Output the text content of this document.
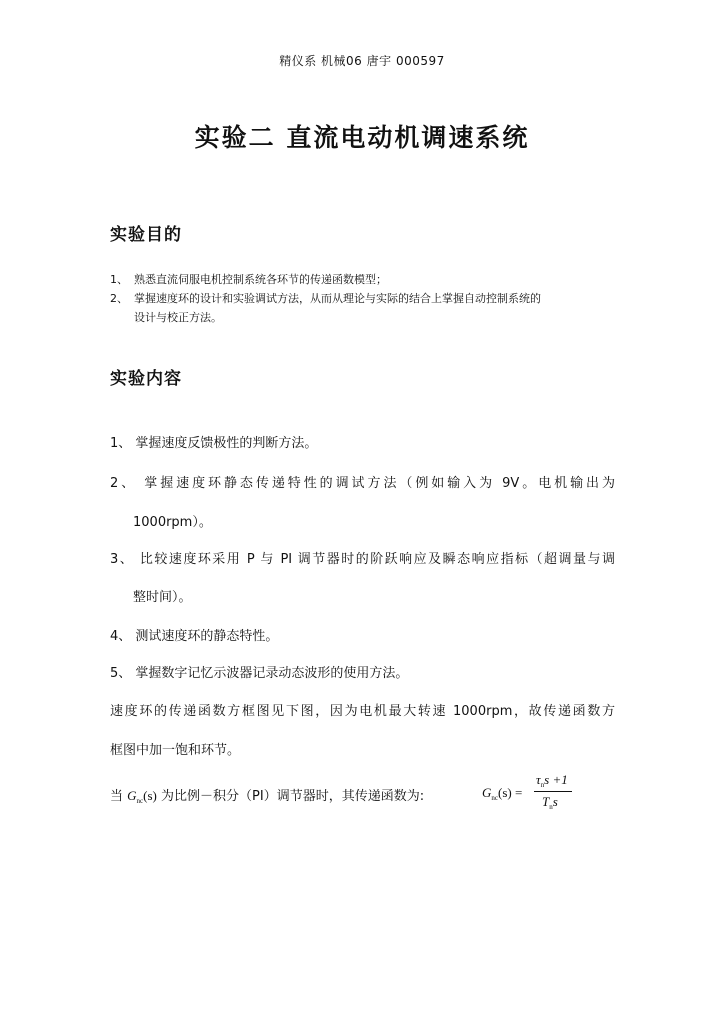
精仪系 机械06 唐宇 000597
实验二 直流电动机调速系统
实验目的
1、 熟悉直流伺服电机控制系统各环节的传递函数模型；
2、 掌握速度环的设计和实验调试方法，从而从理论与实际的结合上掌握自动控制系统的
设计与校正方法。
实验内容
1、 掌握速度反馈极性的判断方法。
2、 掌握速度环静态传递特性的调试方法（例如输入为 9V。电机输出为
1000rpm）。
3、 比较速度环采用 P 与 PI 调节器时的阶跃响应及瞬态响应指标（超调量与调
整时间）。
4、 测试速度环的静态特性。
5、 掌握数字记忆示波器记录动态波形的使用方法。
速度环的传递函数方框图见下图，因为电机最大转速 1000rpm，故传递函数方
框图中加一饱和环节。
当 $G_{nc}(s)$ 为比例－积分（PI）调节器时，其传递函数为:	$G_{nc}(s)$ =
$\tau_ns +1$
$T_ns$
